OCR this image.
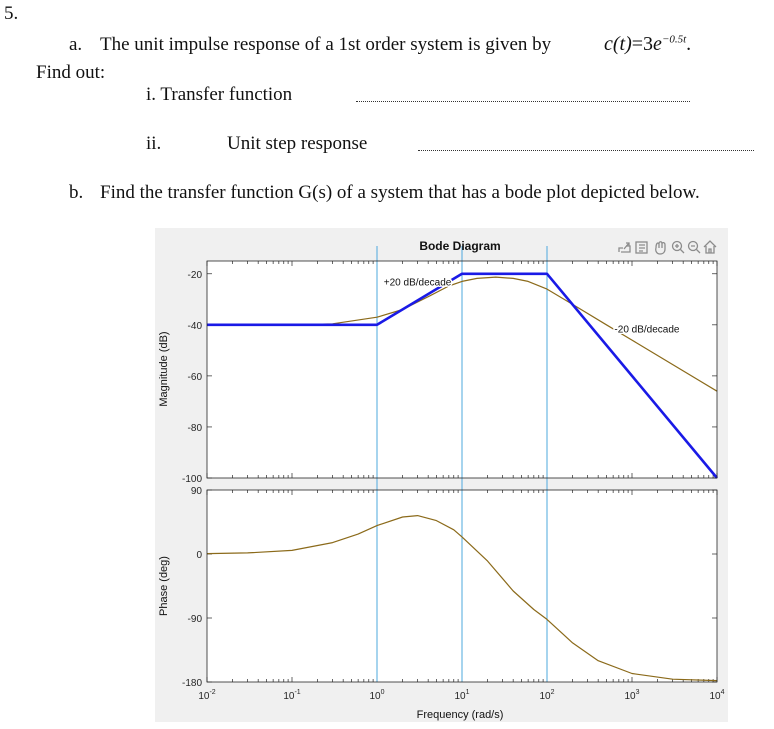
5.
a. The unit impulse response of a 1st order system is given by	$c(t)=3e^{-0.5t}$.
Find out:
i. Transfer function
ii.	Unit step response
b. Find the transfer function G(s) of a system that has a bode plot depicted below.
+20 dB/decade
-20 dB/decade
$10^{-2}$	$10^{-1}$	$10^0$	$10^1$	$10^2$	$10^3$	$10^4$
-20
-40
-60
-80
-100
90
0
-90
-180
Bode Diagram
Frequency (rad/s)
Magnitude (dB)
Phase (deg)
